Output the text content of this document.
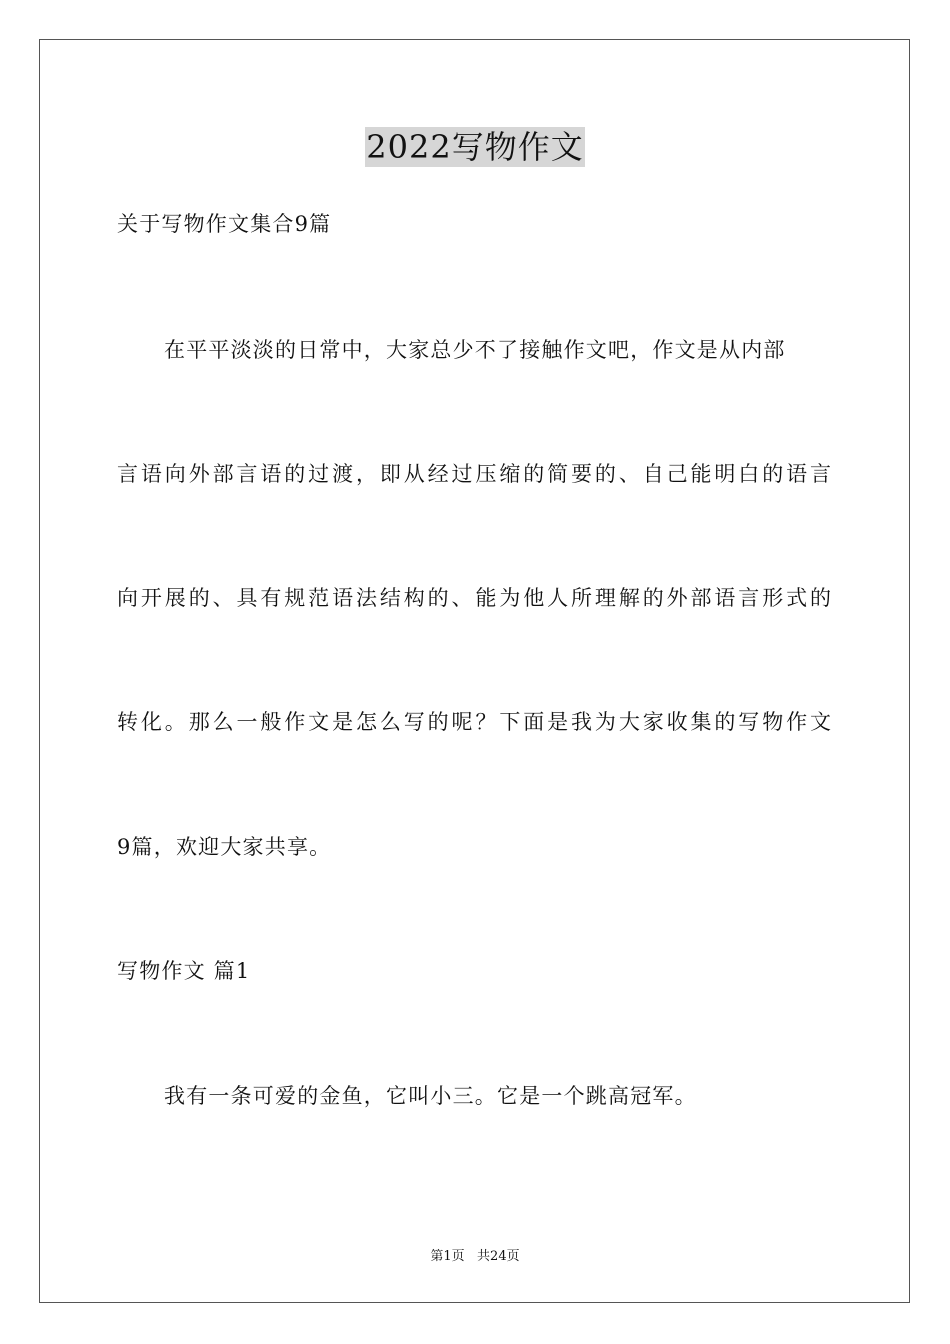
2022写物作文
关于写物作文集合9篇
在平平淡淡的日常中，大家总少不了接触作文吧，作文是从内部
言语向外部言语的过渡，即从经过压缩的简要的、自己能明白的语言
向开展的、具有规范语法结构的、能为他人所理解的外部语言形式的
转化。那么一般作文是怎么写的呢？下面是我为大家收集的写物作文
9篇，欢迎大家共享。
写物作文 篇1
我有一条可爱的金鱼，它叫小三。它是一个跳高冠军。
第1页   共24页
